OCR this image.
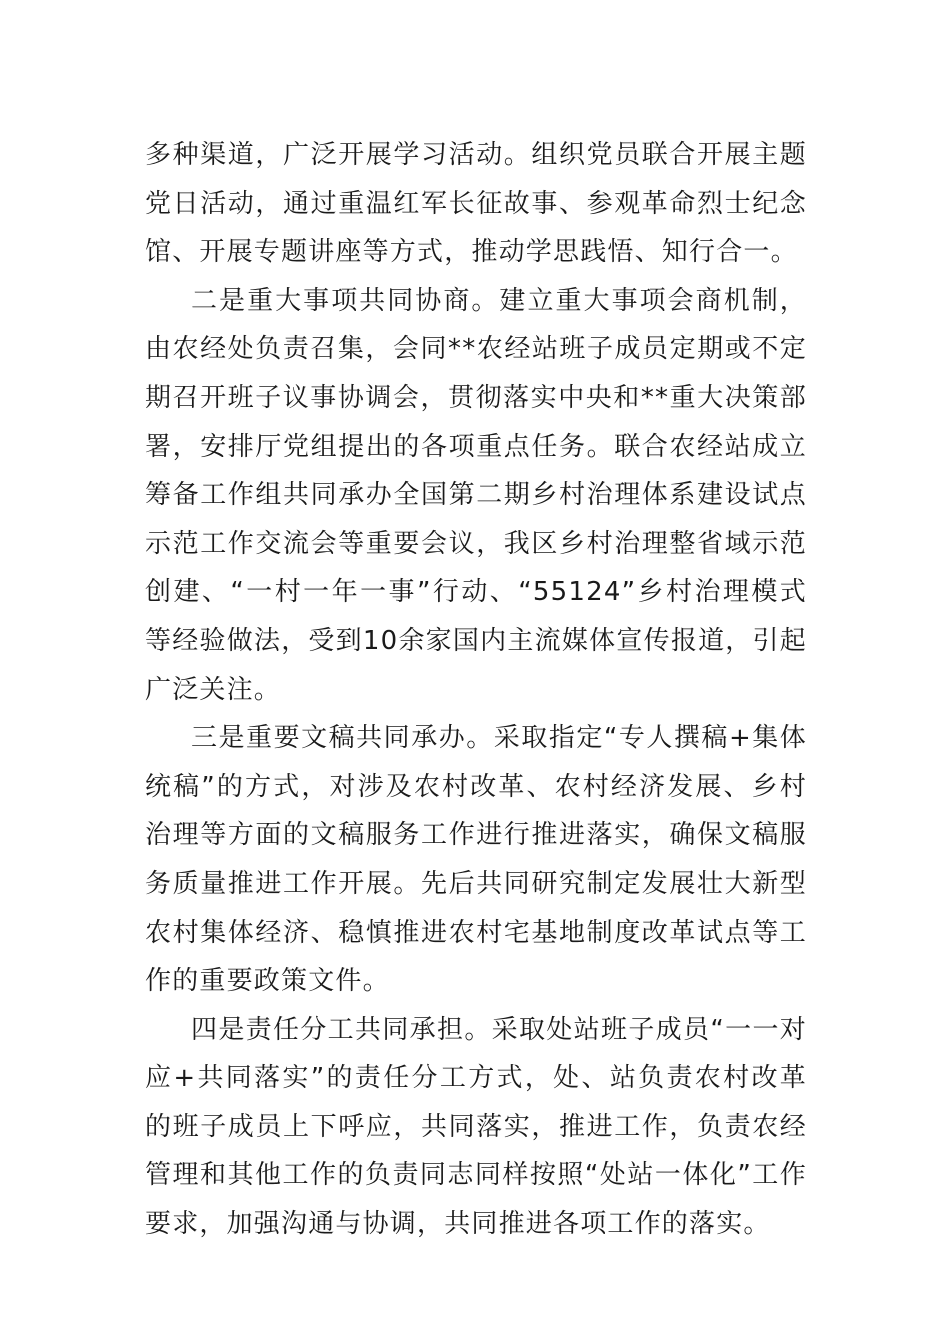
多种渠道，广泛开展学习活动。组织党员联合开展主题党日活动，通过重温红军长征故事、参观革命烈士纪念馆、开展专题讲座等方式，推动学思践悟、知行合一。

二是重大事项共同协商。建立重大事项会商机制，由农经处负责召集，会同**农经站班子成员定期或不定期召开班子议事协调会，贯彻落实中央和**重大决策部署，安排厅党组提出的各项重点任务。联合农经站成立筹备工作组共同承办全国第二期乡村治理体系建设试点示范工作交流会等重要会议，我区乡村治理整省域示范创建、“一村一年一事”行动、“55124”乡村治理模式等经验做法，受到10余家国内主流媒体宣传报道，引起广泛关注。

三是重要文稿共同承办。采取指定“专人撰稿+集体统稿”的方式，对涉及农村改革、农村经济发展、乡村治理等方面的文稿服务工作进行推进落实，确保文稿服务质量推进工作开展。先后共同研究制定发展壮大新型农村集体经济、稳慎推进农村宅基地制度改革试点等工作的重要政策文件。

四是责任分工共同承担。采取处站班子成员“一一对应+共同落实”的责任分工方式，处、站负责农村改革的班子成员上下呼应，共同落实，推进工作，负责农经管理和其他工作的负责同志同样按照“处站一体化”工作要求，加强沟通与协调，共同推进各项工作的落实。
